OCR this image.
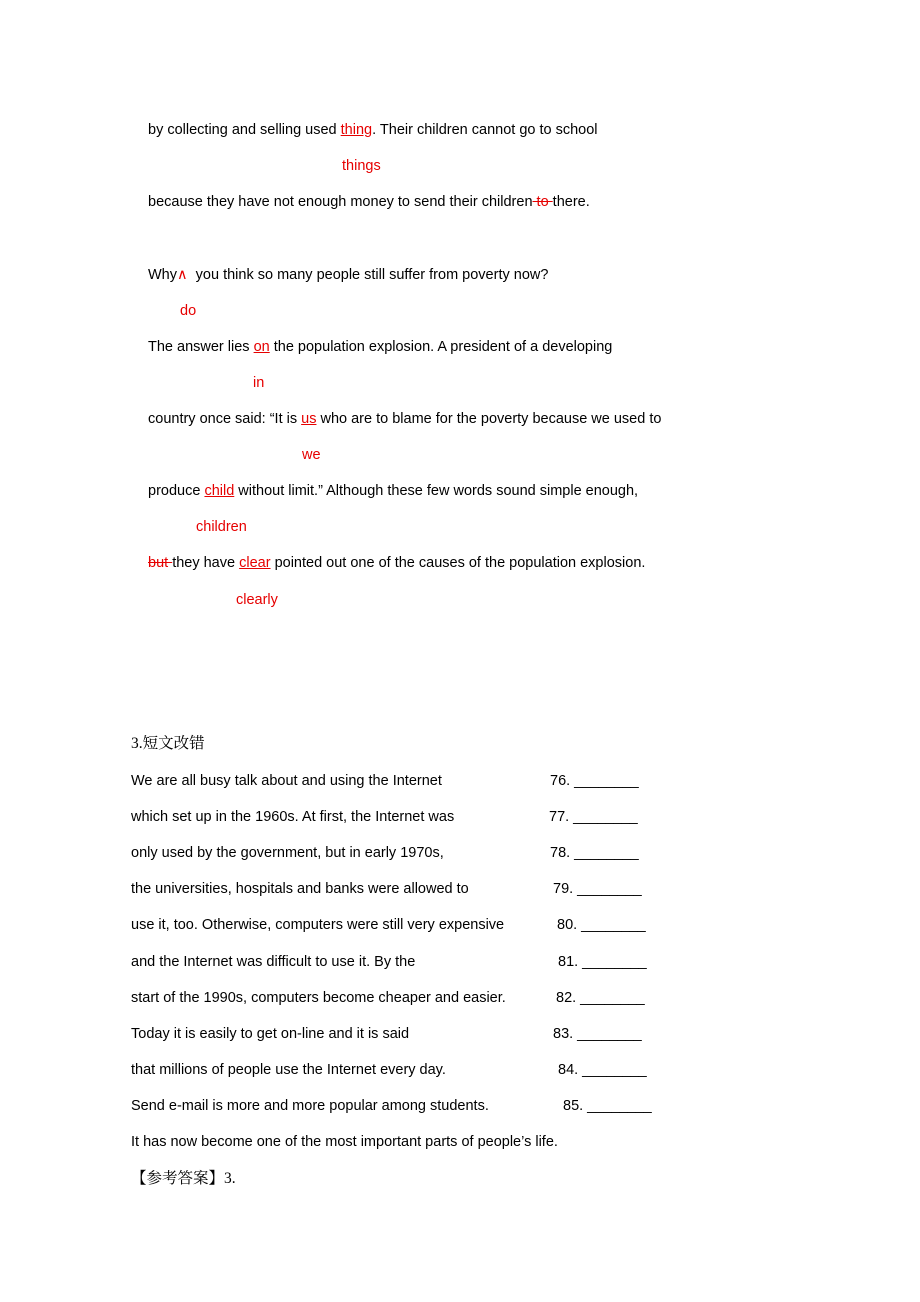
by collecting and selling used thing. Their children cannot go to school
things
because they have not enough money to send their children to there.
Why∧  you think so many people still suffer from poverty now?
do
The answer lies on the population explosion. A president of a developing
in
country once said: “It is us who are to blame for the poverty because we used to
we
produce child without limit.” Although these few words sound simple enough,
children
but they have clear pointed out one of the causes of the population explosion.
clearly
3.短文改错
We are all busy talk about and using the Internet	76. ________
which set up in the 1960s. At first, the Internet was	77. ________
only used by the government, but in early 1970s,	78. ________
the universities, hospitals and banks were allowed to	79. ________
use it, too. Otherwise, computers were still very expensive	80. ________
and the Internet was difficult to use it. By the	81. ________
start of the 1990s, computers become cheaper and easier.	82. ________
Today it is easily to get on-line and it is said	83. ________
that millions of people use the Internet every day.	84. ________
Send e-mail is more and more popular among students.	85. ________
It has now become one of the most important parts of people’s life.
【参考答案】3.
